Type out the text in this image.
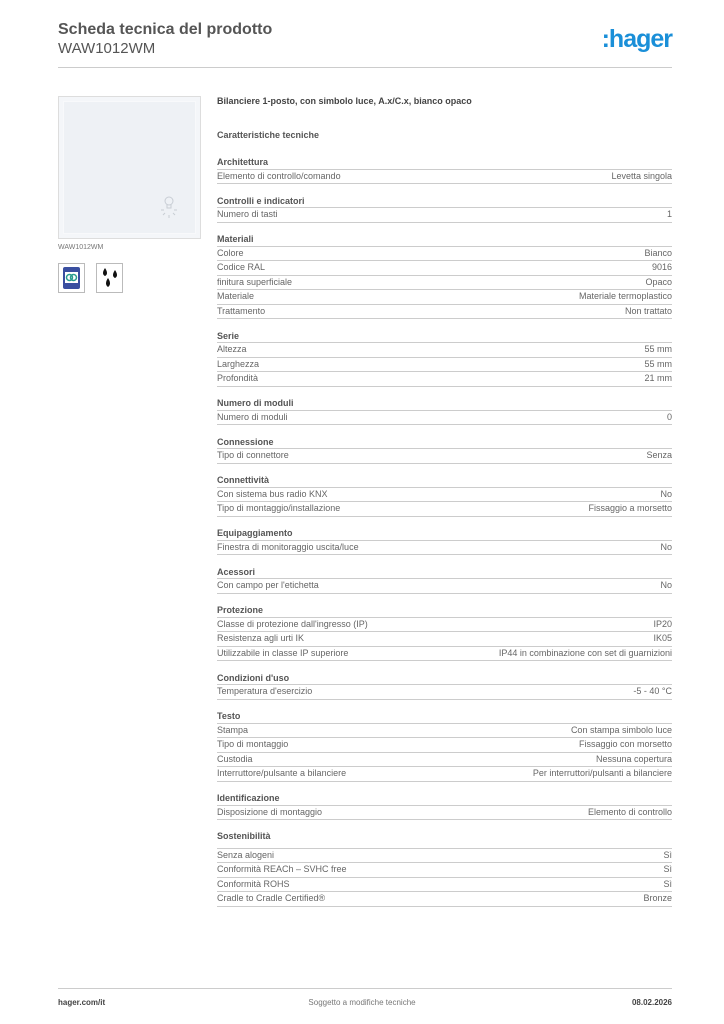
Scheda tecnica del prodotto
WAW1012WM	:hager
WAW1012WM
Bilanciere 1-posto, con simbolo luce, A.x/C.x, bianco opaco
Caratteristiche tecniche
Architettura
Elemento di controllo/comando	Levetta singola
Controlli e indicatori
Numero di tasti	1
Materiali
Colore	Bianco
Codice RAL	9016
finitura superficiale	Opaco
Materiale	Materiale termoplastico
Trattamento	Non trattato
Serie
Altezza	55 mm
Larghezza	55 mm
Profondità	21 mm
Numero di moduli
Numero di moduli	0
Connessione
Tipo di connettore	Senza
Connettività
Con sistema bus radio KNX	No
Tipo di montaggio/installazione	Fissaggio a morsetto
Equipaggiamento
Finestra di monitoraggio uscita/luce	No
Acessori
Con campo per l'etichetta	No
Protezione
Classe di protezione dall'ingresso (IP)	IP20
Resistenza agli urti IK	IK05
Utilizzabile in classe IP superiore	IP44 in combinazione con set di guarnizioni
Condizioni d'uso
Temperatura d'esercizio	-5 - 40 °C
Testo
Stampa	Con stampa simbolo luce
Tipo di montaggio	Fissaggio con morsetto
Custodia	Nessuna copertura
Interruttore/pulsante a bilanciere	Per interruttori/pulsanti a bilanciere
Identificazione
Disposizione di montaggio	Elemento di controllo
Sostenibilità
Senza alogeni	Sì
Conformità REACh – SVHC free	Sì
Conformità ROHS	Sì
Cradle to Cradle Certified®	Bronze
hager.com/it	Soggetto a modifiche tecniche	08.02.2026
